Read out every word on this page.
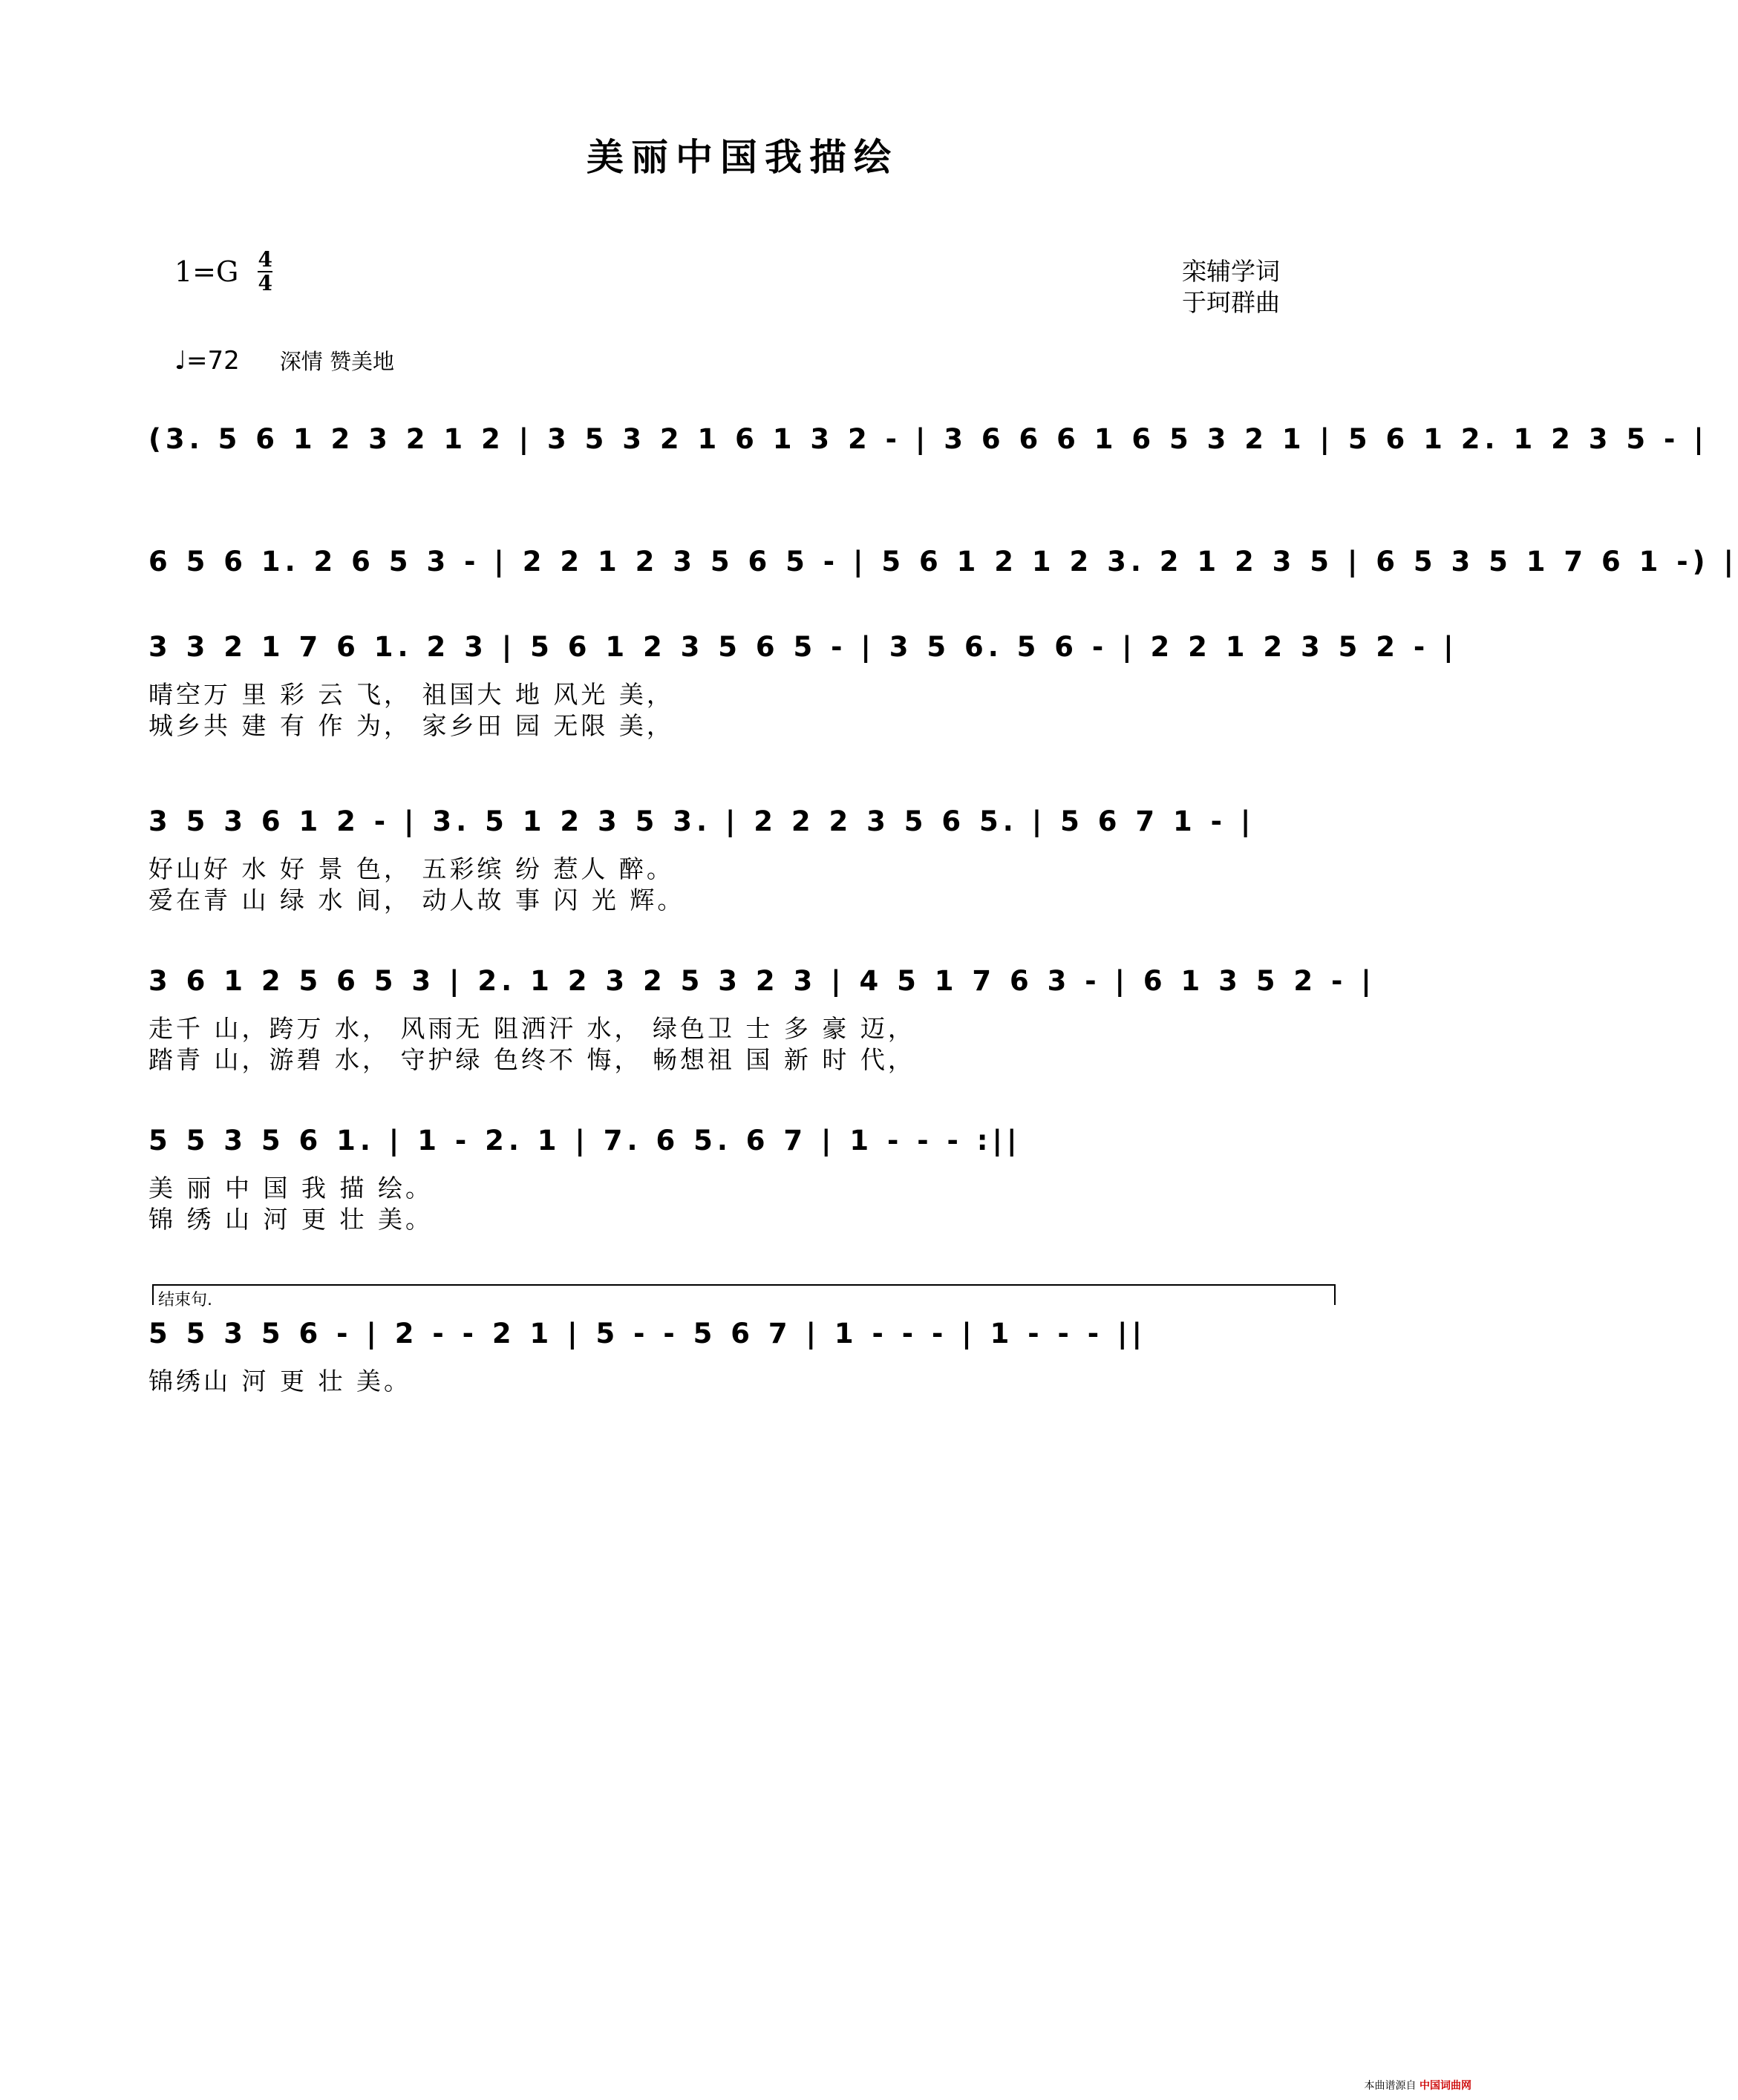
美丽中国我描绘
$1=G \frac{4}{4}$	栾辅学词
于珂群曲
♩=72 深情 赞美地
(3. 5 6 1 2 3 2 1 2 | 3 5 3 2 1 6 1 3 2 - | 3 6 6 6 1 6 5 3 2 1 | 5 6 1 2. 1 2 3 5 - |
6 5 6 1. 2 6 5 3 - | 2 2 1 2 3 5 6 5 - | 5 6 1 2 1 2 3. 2 1 2 3 5 | 6 5 3 5 1 7 6 1 -) |
3 3 2 1 7 6 1. 2 3 | 5 6 1 2 3 5 6 5 - | 3 5 6. 5 6 - | 2 2 1 2 3 5 2 - |
晴空万 里 彩 云 飞， 祖国大 地 风光 美，
城乡共 建 有 作 为， 家乡田 园 无限 美，
3 5 3 6 1 2 - | 3. 5 1 2 3 5 3. | 2 2 2 3 5 6 5. | 5 6 7 1 - |
好山好 水 好 景 色， 五彩缤 纷 惹人 醉。
爱在青 山 绿 水 间， 动人故 事 闪 光 辉。
3 6 1 2 5 6 5 3 | 2. 1 2 3 2 5 3 2 3 | 4 5 1 7 6 3 - | 6 1 3 5 2 - |
走千 山，跨万 水， 风雨无 阻洒汗 水， 绿色卫 士 多 豪 迈，
踏青 山，游碧 水， 守护绿 色终不 悔， 畅想祖 国 新 时 代，
5 5 3 5 6 1. | 1 - 2. 1 | 7. 6 5. 6 7 | 1 - - - :||
美 丽 中 国 我 描 绘。
锦 绣 山 河 更 壮 美。
5 5 3 5 6 - | 2 - - 2 1 | 5 - - 5 6 7 | 1 - - - | 1 - - - ||
锦绣山 河 更 壮 美。
结束句.
本曲谱源自 中国词曲网
